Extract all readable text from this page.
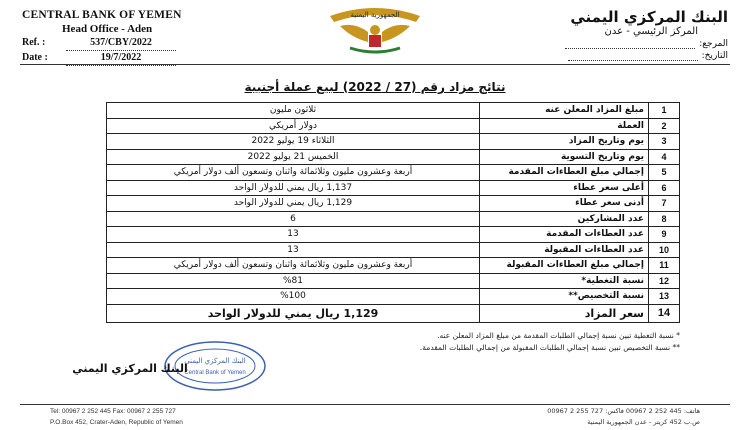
CENTRAL BANK OF YEMEN
Head Office - Aden
Ref. :	537/CBY/2022
Date :	19/7/2022
الجمهورية اليمنية	البنك المركزي اليمني
المركز الرئيسي - عدن
المرجع:
التاريخ:
نتائج مزاد رقم (27 / 2022) لبيع عملة أجنبية
1	مبلغ المزاد المعلن عنه	ثلاثون مليون
2	العملة	دولار أمريكي
3	يوم وتاريخ المزاد	الثلاثاء 19 يوليو 2022
4	يوم وتاريخ التسوية	الخميس 21 يوليو 2022
5	إجمالي مبلغ العطاءات المقدمة	أربعة وعشرون مليون وثلاثمائة واثنان وتسعون ألف دولار أمريكي
6	أعلى سعر عطاء	1,137 ريال يمني للدولار الواحد
7	أدنى سعر عطاء	1,129 ريال يمني للدولار الواحد
8	عدد المشاركين	6
9	عدد العطاءات المقدمة	13
10	عدد العطاءات المقبولة	13
11	إجمالي مبلغ العطاءات المقبولة	أربعة وعشرون مليون وثلاثمائة واثنان وتسعون ألف دولار أمريكي
12	نسبة التغطية*	%81
13	نسبة التخصيص**	%100
14	سعر المزاد	1,129 ريال يمني للدولار الواحد
* نسبة التغطية تبين نسبة إجمالي الطلبات المقدمة من مبلغ المزاد المعلن عنه.
** نسبة التخصيص تبين نسبة إجمالي الطلبات المقبولة من إجمالي الطلبات المقدمة.
البنك المركزي اليمني
Central Bank of Yemen
البنك المركزي اليمني
Tel: 00967 2 252 445 Fax: 00967 2 255 727
P.O.Box 452, Crater-Aden, Republic of Yemen
هاتف: 445 252 2 00967 فاكس: 727 255 2 00967
ص.ب 452 كريتر - عدن الجمهورية اليمنية
